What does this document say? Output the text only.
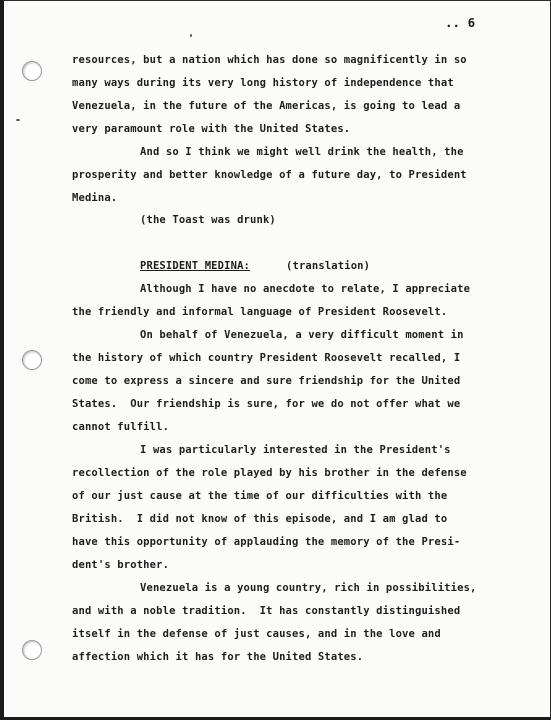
.. 6
resources, but a nation which has done so magnificently in so
many ways during its very long history of independence that
Venezuela, in the future of the Americas, is going to lead a
very paramount role with the United States.
And so I think we might well drink the health, the
prosperity and better knowledge of a future day, to President
Medina.
(the Toast was drunk)
PRESIDENT MEDINA:	(translation)
Although I have no anecdote to relate, I appreciate
the friendly and informal language of President Roosevelt.
On behalf of Venezuela, a very difficult moment in
the history of which country President Roosevelt recalled, I
come to express a sincere and sure friendship for the United
States.  Our friendship is sure, for we do not offer what we
cannot fulfill.
I was particularly interested in the President's
recollection of the role played by his brother in the defense
of our just cause at the time of our difficulties with the
British.  I did not know of this episode, and I am glad to
have this opportunity of applauding the memory of the Presi-
dent's brother.
Venezuela is a young country, rich in possibilities,
and with a noble tradition.  It has constantly distinguished
itself in the defense of just causes, and in the love and
affection which it has for the United States.
